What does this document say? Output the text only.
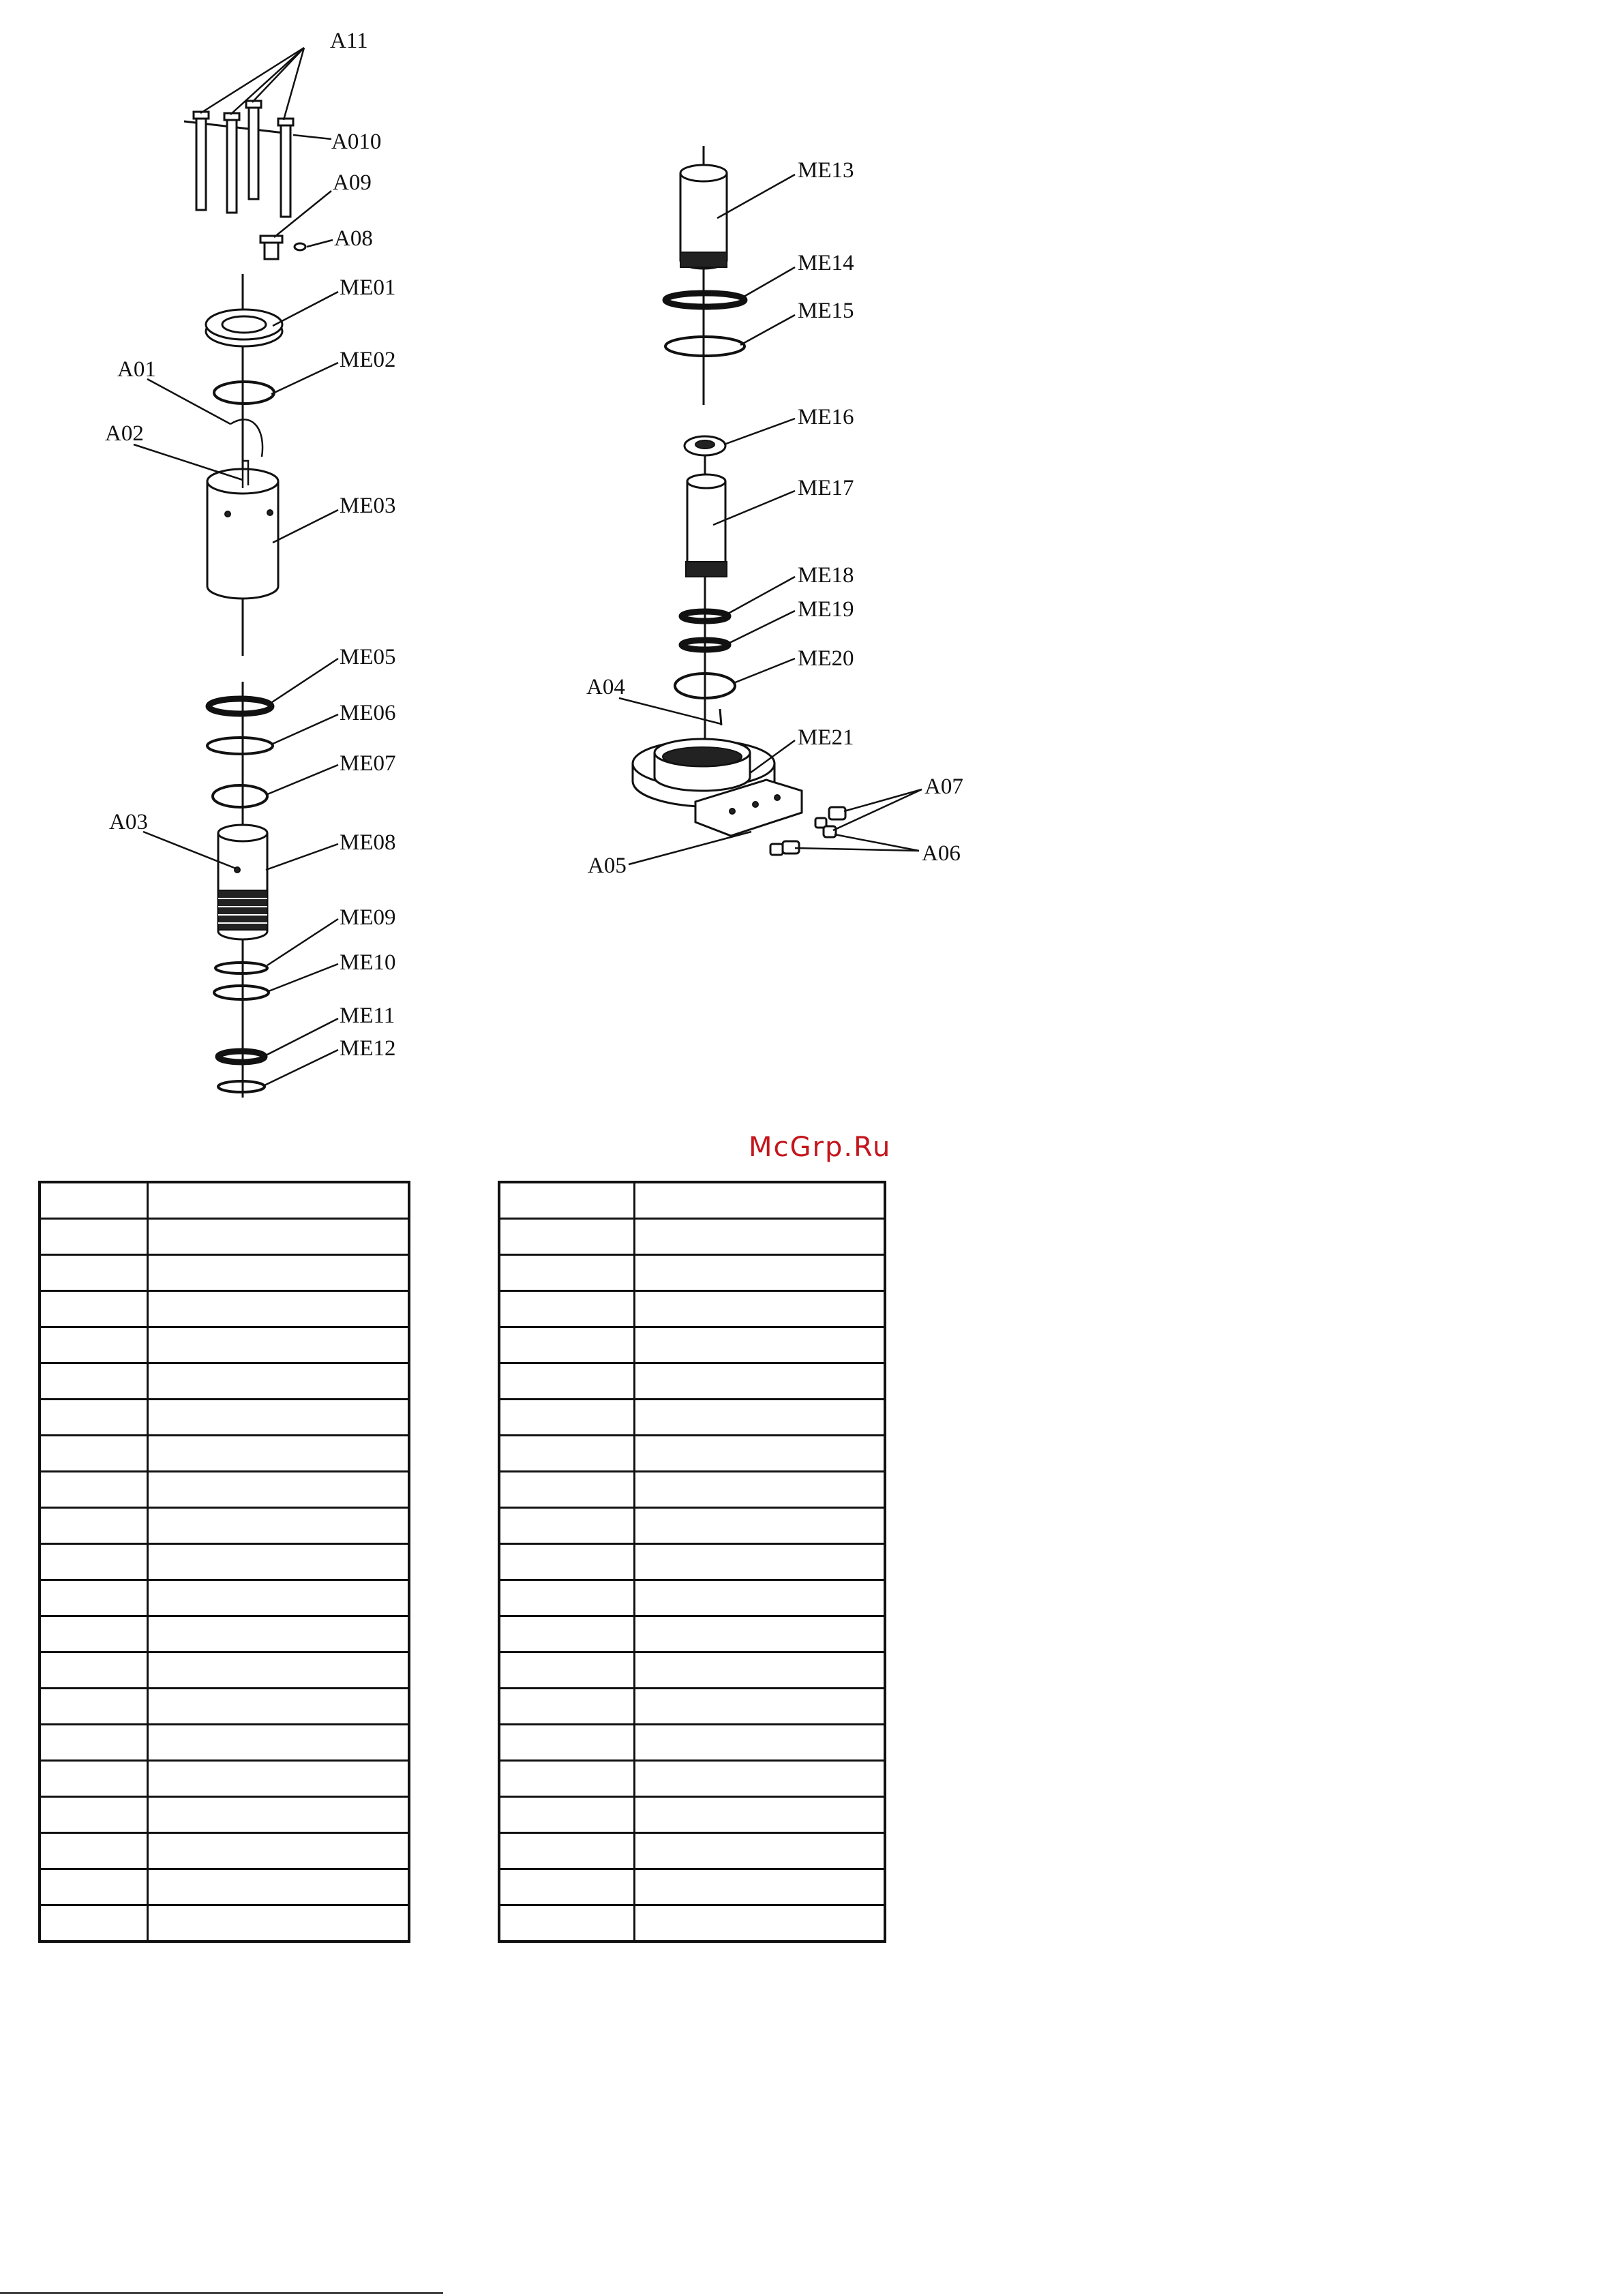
A11
A010
A09
A08
ME01
ME02
A01
A02
ME03
ME05
ME06
ME07
A03
ME08
ME09
ME10
ME11
ME12
ME13
ME14
ME15
ME16
ME17
ME18
ME19
ME20
A04
ME21
A07
A06
A05
McGrp.Ru
